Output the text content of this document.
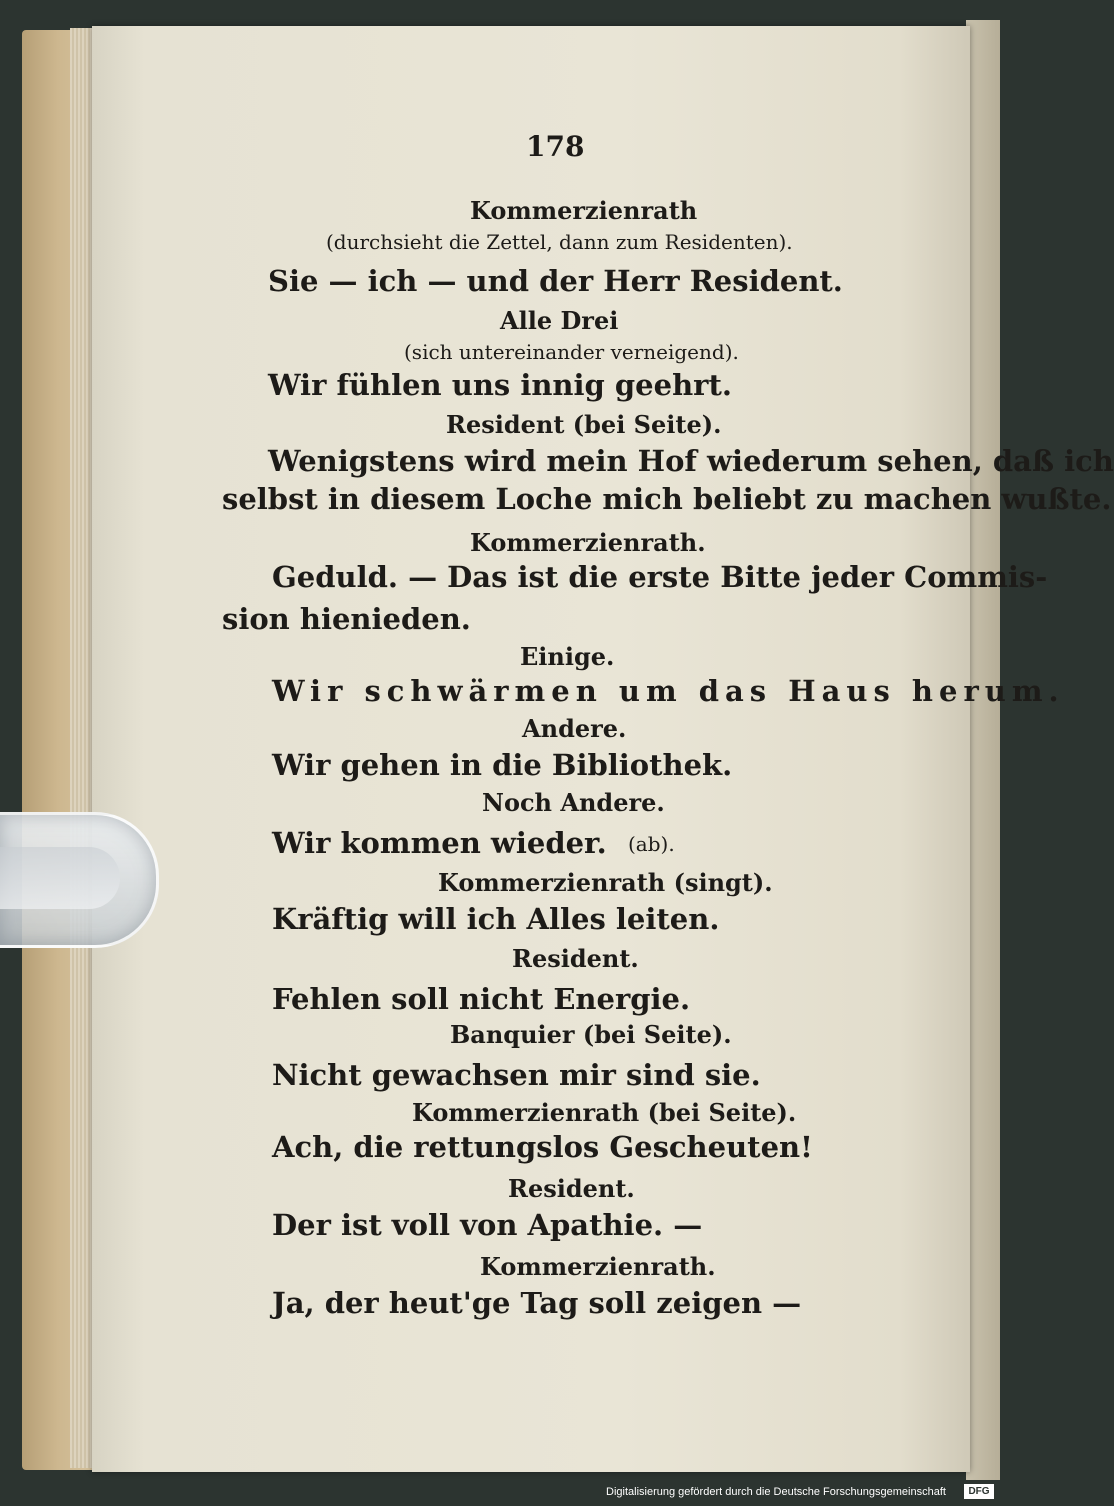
178
Kommerzienrath
(durchsieht die Zettel, dann zum Residenten).
Sie — ich — und der Herr Resident.
Alle Drei
(sich untereinander verneigend).
Wir fühlen uns innig geehrt.
Resident (bei Seite).
Wenigstens wird mein Hof wiederum sehen, daß ich
selbst in diesem Loche mich beliebt zu machen wußte.
Kommerzienrath.
Geduld. — Das ist die erste Bitte jeder Commis-
sion hienieden.
Einige.
Wir schwärmen um das Haus herum.
Andere.
Wir gehen in die Bibliothek.
Noch Andere.
Wir kommen wieder. (ab).
Kommerzienrath (singt).
Kräftig will ich Alles leiten.
Resident.
Fehlen soll nicht Energie.
Banquier (bei Seite).
Nicht gewachsen mir sind sie.
Kommerzienrath (bei Seite).
Ach, die rettungslos Gescheuten!
Resident.
Der ist voll von Apathie. —
Kommerzienrath.
Ja, der heut'ge Tag soll zeigen —
Digitalisierung gefördert durch die Deutsche Forschungsgemeinschaft	DFG
